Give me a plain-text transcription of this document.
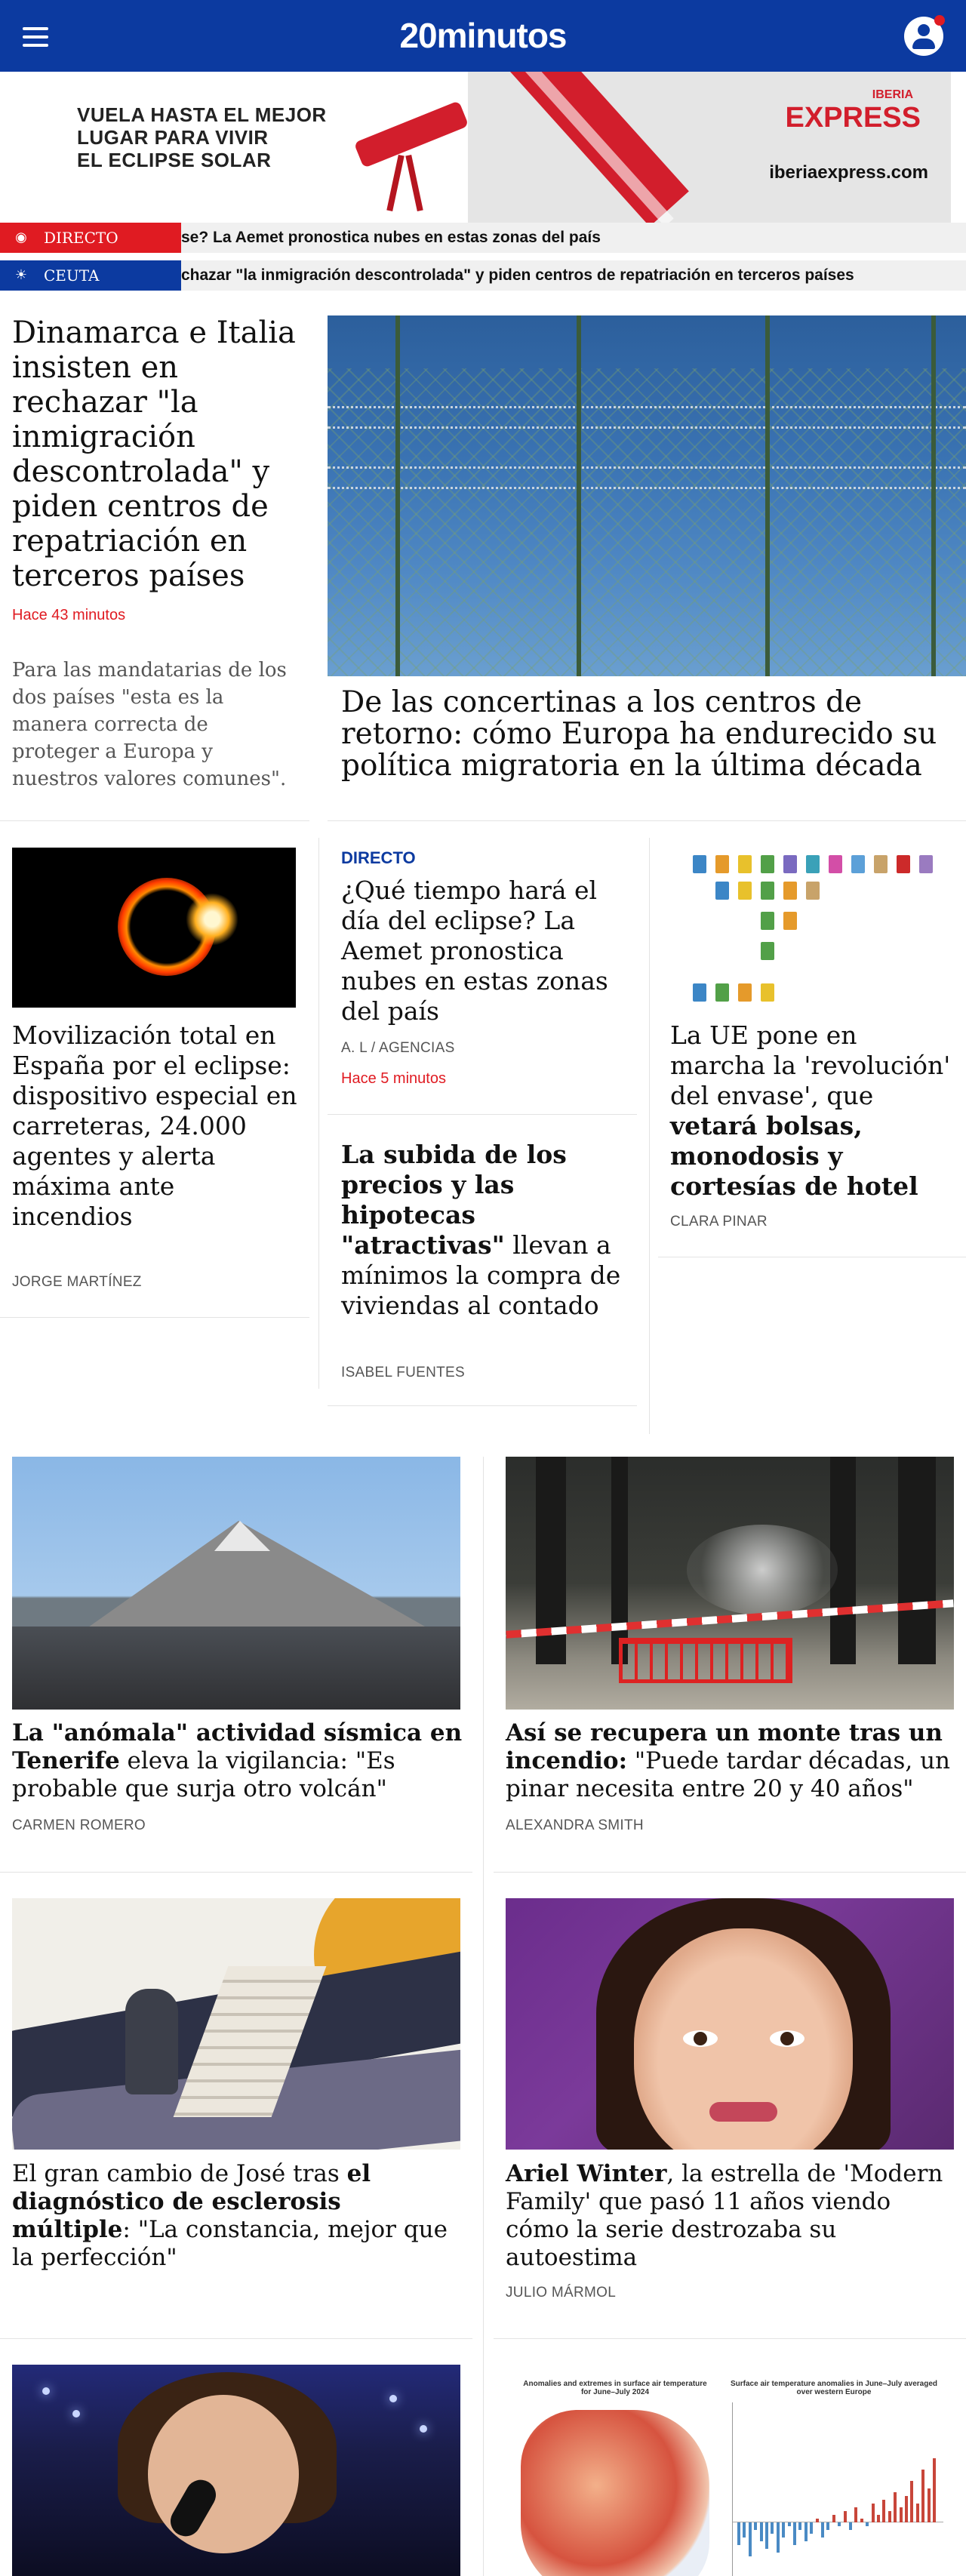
20minutos
VUELA HASTA EL MEJOR
LUGAR PARA VIVIR
EL ECLIPSE SOLAR
IBERIA
EXPRESS
iberiaexpress.com
◉ DIRECTO	se? La Aemet pronostica nubes en estas zonas del país
☀ CEUTA	chazar "la inmigración descontrolada" y piden centros de repatriación en terceros países
Dinamarca e Italia insisten en rechazar "la inmigración descontrolada" y piden centros de repatriación en terceros países
Hace 43 minutos
Para las mandatarias de los dos países "esta es la manera correcta de proteger a Europa y nuestros valores comunes".
De las concertinas a los centros de retorno: cómo Europa ha endurecido su política migratoria en la última década
Movilización total en España por el eclipse: dispositivo especial en carreteras, 24.000 agentes y alerta máxima ante incendios
JORGE MARTÍNEZ
DIRECTO
¿Qué tiempo hará el día del eclipse? La Aemet pronostica nubes en estas zonas del país
A. L / AGENCIAS
Hace 5 minutos
La subida de los precios y las hipotecas "atractivas" llevan a mínimos la compra de viviendas al contado
ISABEL FUENTES
La UE pone en marcha la 'revolución' del envase', que vetará bolsas, monodosis y cortesías de hotel
CLARA PINAR
La "anómala" actividad sísmica en Tenerife eleva la vigilancia: "Es probable que surja otro volcán"
CARMEN ROMERO
Así se recupera un monte tras un incendio: "Puede tardar décadas, un pinar necesita entre 20 y 40 años"
ALEXANDRA SMITH
El gran cambio de José tras el diagnóstico de esclerosis múltiple: "La constancia, mejor que la perfección"
Ariel Winter, la estrella de 'Modern Family' que pasó 11 años viendo cómo la serie destrozaba su autoestima
JULIO MÁRMOL
Anomalies and extremes in surface air temperature for June–July 2024
Surface air temperature anomalies in June–July averaged over western Europe
